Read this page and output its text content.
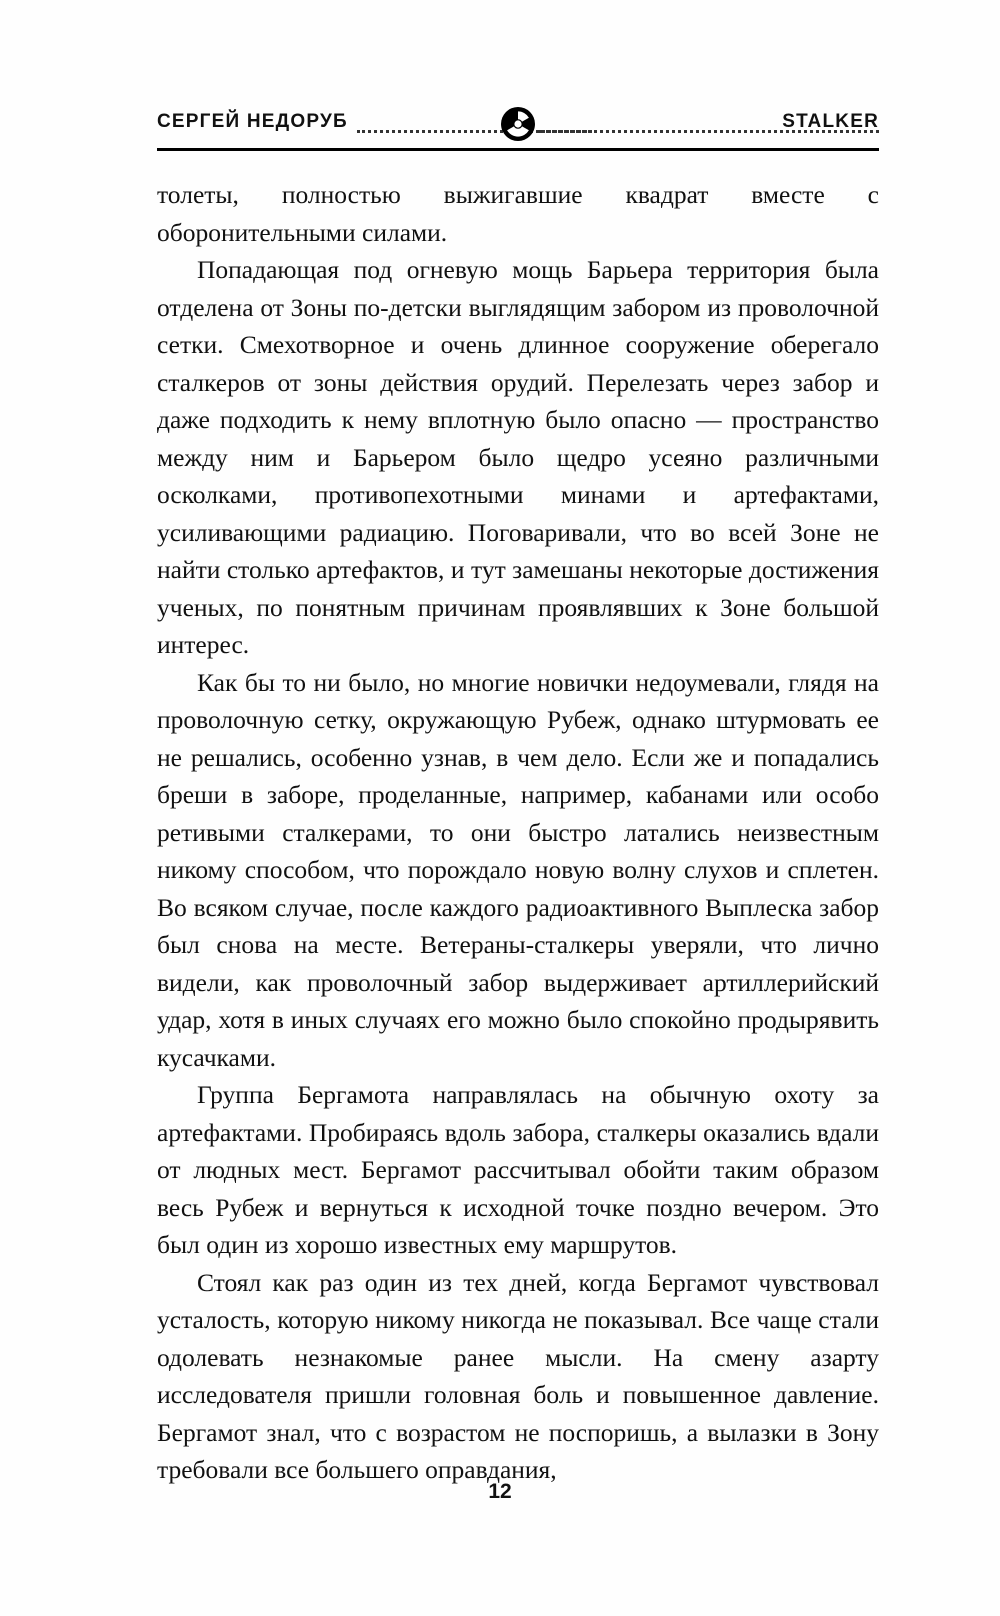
СЕРГЕЙ НЕДОРУБ	STALKER

толеты, полностью выжигавшие квадрат вместе с оборонительными силами.

Попадающая под огневую мощь Барьера территория была отделена от Зоны по-детски выглядящим забором из проволочной сетки. Смехотворное и очень длинное сооружение оберегало сталкеров от зоны действия орудий. Перелезать через забор и даже подходить к нему вплотную было опасно — пространство между ним и Барьером было щедро усеяно различными осколками, противопехотными минами и артефактами, усиливающими радиацию. Поговаривали, что во всей Зоне не найти столько артефактов, и тут замешаны некоторые достижения ученых, по понятным причинам проявлявших к Зоне большой интерес.

Как бы то ни было, но многие новички недоумевали, глядя на проволочную сетку, окружающую Рубеж, однако штурмовать ее не решались, особенно узнав, в чем дело. Если же и попадались бреши в заборе, проделанные, например, кабанами или особо ретивыми сталкерами, то они быстро латались неизвестным никому способом, что порождало новую волну слухов и сплетен. Во всяком случае, после каждого радиоактивного Выплеска забор был снова на месте. Ветераны-сталкеры уверяли, что лично видели, как проволочный забор выдерживает артиллерийский удар, хотя в иных случаях его можно было спокойно продырявить кусачками.

Группа Бергамота направлялась на обычную охоту за артефактами. Пробираясь вдоль забора, сталкеры оказались вдали от людных мест. Бергамот рассчитывал обойти таким образом весь Рубеж и вернуться к исходной точке поздно вечером. Это был один из хорошо известных ему маршрутов.

Стоял как раз один из тех дней, когда Бергамот чувствовал усталость, которую никому никогда не показывал. Все чаще стали одолевать незнакомые ранее мысли. На смену азарту исследователя пришли головная боль и повышенное давление. Бергамот знал, что с возрастом не поспоришь, а вылазки в Зону требовали все большего оправдания,

12
